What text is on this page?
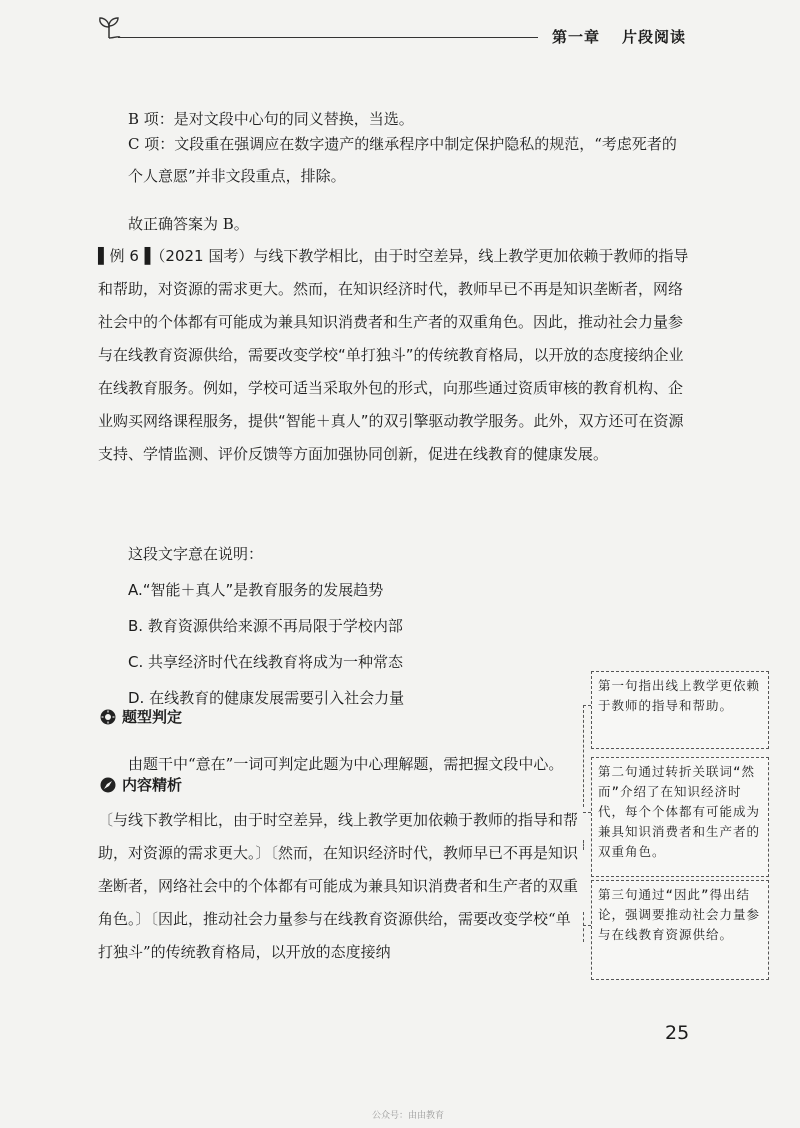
第一章 片段阅读

B 项：是对文段中心句的同义替换，当选。

C 项：文段重在强调应在数字遗产的继承程序中制定保护隐私的规范，“考虑死者的个人意愿”并非文段重点，排除。

故正确答案为 B。

▌例 6▐（2021 国考）与线下教学相比，由于时空差异，线上教学更加依赖于教师的指导和帮助，对资源的需求更大。然而，在知识经济时代，教师早已不再是知识垄断者，网络社会中的个体都有可能成为兼具知识消费者和生产者的双重角色。因此，推动社会力量参与在线教育资源供给，需要改变学校“单打独斗”的传统教育格局，以开放的态度接纳企业在线教育服务。例如，学校可适当采取外包的形式，向那些通过资质审核的教育机构、企业购买网络课程服务，提供“智能＋真人”的双引擎驱动教学服务。此外，双方还可在资源支持、学情监测、评价反馈等方面加强协同创新，促进在线教育的健康发展。

这段文字意在说明：

A.“智能＋真人”是教育服务的发展趋势

B. 教育资源供给来源不再局限于学校内部

C. 共享经济时代在线教育将成为一种常态

D. 在线教育的健康发展需要引入社会力量

题型判定

由题干中“意在”一词可判定此题为中心理解题，需把握文段中心。

内容精析

〔与线下教学相比，由于时空差异，线上教学更加依赖于教师的指导和帮助，对资源的需求更大。〕〔然而，在知识经济时代，教师早已不再是知识垄断者，网络社会中的个体都有可能成为兼具知识消费者和生产者的双重角色。〕〔因此，推动社会力量参与在线教育资源供给，需要改变学校“单打独斗”的传统教育格局，以开放的态度接纳

第一句指出线上教学更依赖于教师的指导和帮助。
第二句通过转折关联词“然而”介绍了在知识经济时代，每个个体都有可能成为兼具知识消费者和生产者的双重角色。
第三句通过“因此”得出结论，强调要推动社会力量参与在线教育资源供给。
25
公众号：由由教育
